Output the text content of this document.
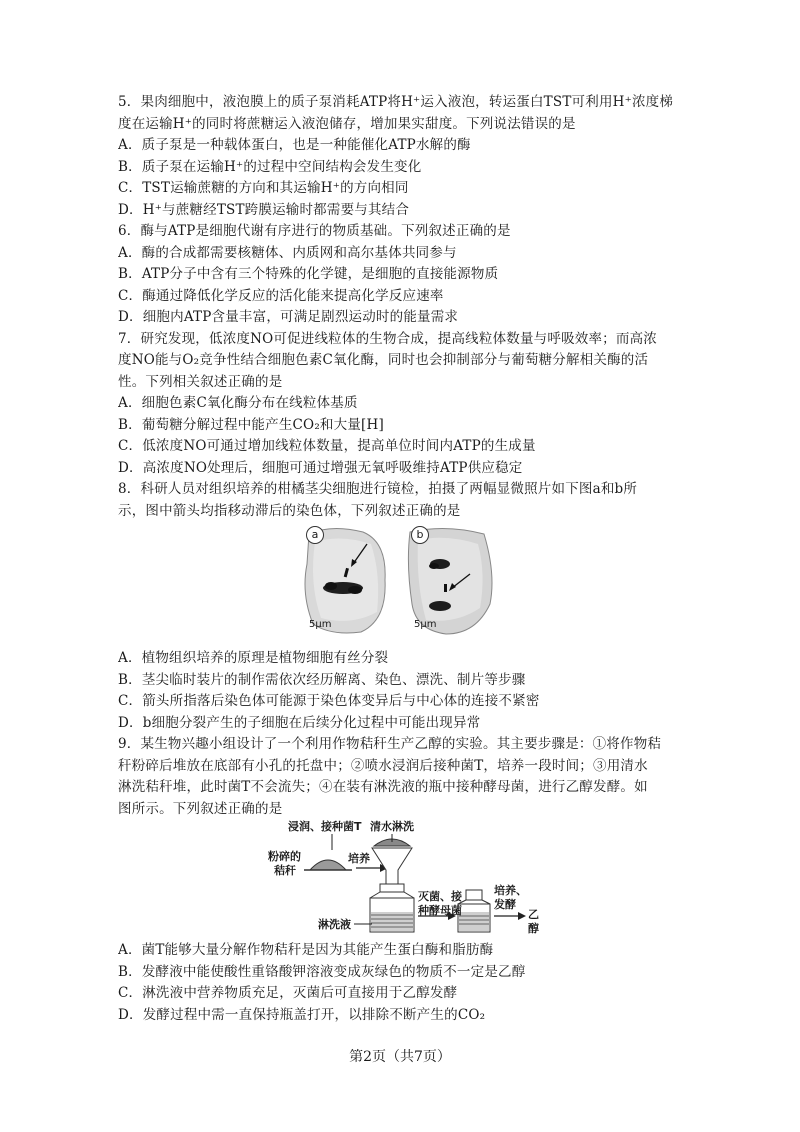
5．果肉细胞中，液泡膜上的质子泵消耗ATP将H⁺运入液泡，转运蛋白TST可利用H⁺浓度梯
度在运输H⁺的同时将蔗糖运入液泡储存，增加果实甜度。下列说法错误的是
A．质子泵是一种载体蛋白，也是一种能催化ATP水解的酶
B．质子泵在运输H⁺的过程中空间结构会发生变化
C．TST运输蔗糖的方向和其运输H⁺的方向相同
D．H⁺与蔗糖经TST跨膜运输时都需要与其结合
6．酶与ATP是细胞代谢有序进行的物质基础。下列叙述正确的是
A．酶的合成都需要核糖体、内质网和高尔基体共同参与
B．ATP分子中含有三个特殊的化学键，是细胞的直接能源物质
C．酶通过降低化学反应的活化能来提高化学反应速率
D．细胞内ATP含量丰富，可满足剧烈运动时的能量需求
7．研究发现，低浓度NO可促进线粒体的生物合成，提高线粒体数量与呼吸效率；而高浓
度NO能与O₂竞争性结合细胞色素C氧化酶，同时也会抑制部分与葡萄糖分解相关酶的活
性。下列相关叙述正确的是
A．细胞色素C氧化酶分布在线粒体基质
B．葡萄糖分解过程中能产生CO₂和大量[H]
C．低浓度NO可通过增加线粒体数量，提高单位时间内ATP的生成量
D．高浓度NO处理后，细胞可通过增强无氧呼吸维持ATP供应稳定
8．科研人员对组织培养的柑橘茎尖细胞进行镜检，拍摄了两幅显微照片如下图a和b所
示，图中箭头均指移动滞后的染色体，下列叙述正确的是
a
5μm
b
5μm
A．植物组织培养的原理是植物细胞有丝分裂
B．茎尖临时装片的制作需依次经历解离、染色、漂洗、制片等步骤
C．箭头所指落后染色体可能源于染色体变异后与中心体的连接不紧密
D．b细胞分裂产生的子细胞在后续分化过程中可能出现异常
9．某生物兴趣小组设计了一个利用作物秸秆生产乙醇的实验。其主要步骤是：①将作物秸
秆粉碎后堆放在底部有小孔的托盘中；②喷水浸润后接种菌T，培养一段时间；③用清水
淋洗秸秆堆，此时菌T不会流失；④在装有淋洗液的瓶中接种酵母菌，进行乙醇发酵。如
图所示。下列叙述正确的是
浸润、接种菌T 清水淋洗
粉碎的
秸秆
培养
灭菌、接
种酵母菌
培养、
发酵
乙
醇
淋洗液
A．菌T能够大量分解作物秸秆是因为其能产生蛋白酶和脂肪酶
B．发酵液中能使酸性重铬酸钾溶液变成灰绿色的物质不一定是乙醇
C．淋洗液中营养物质充足，灭菌后可直接用于乙醇发酵
D．发酵过程中需一直保持瓶盖打开，以排除不断产生的CO₂
第2页（共7页）
